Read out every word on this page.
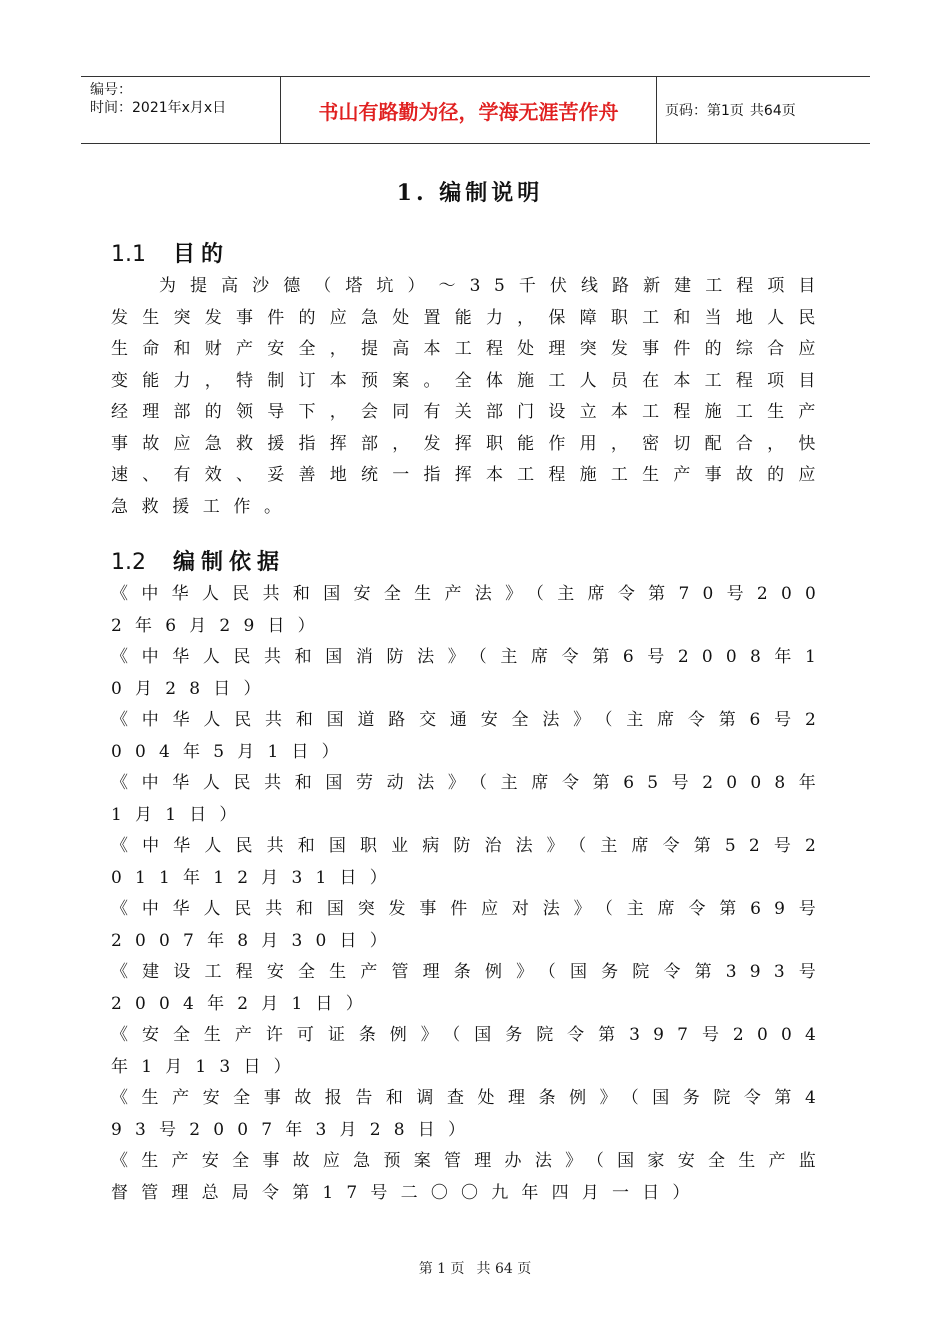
编号：
时间：2021年x月x日	书山有路勤为径，学海无涯苦作舟	页码：第1页 共64页
1. 编制说明
1.1 目的

为提高沙德（塔坑）～35千伏线路新建工程项目发生突发事件的应急处置能力，保障职工和当地人民生命和财产安全，提高本工程处理突发事件的综合应变能力，特制订本预案。全体施工人员在本工程项目经理部的领导下，会同有关部门设立本工程施工生产事故应急救援指挥部，发挥职能作用，密切配合，快速、有效、妥善地统一指挥本工程施工生产事故的应急救援工作。

1.2 编制依据

《中华人民共和国安全生产法》（主席令第70号2002年6月29日）

《中华人民共和国消防法》（主席令第6号2008年10月28日）

《中华人民共和国道路交通安全法》（主席令第6号2004年5月1日）

《中华人民共和国劳动法》（主席令第65号2008年1月1日）

《中华人民共和国职业病防治法》（主席令第52号2011年12月31日）

《中华人民共和国突发事件应对法》（主席令第69号2007年8月30日）

《建设工程安全生产管理条例》（国务院令第393号2004年2月1日）

《安全生产许可证条例》（国务院令第397号2004年1月13日）

《生产安全事故报告和调查处理条例》（国务院令第493号2007年3月28日）

《生产安全事故应急预案管理办法》（国家安全生产监督管理总局令第17号二〇〇九年四月一日）

第 1 页 共 64 页
